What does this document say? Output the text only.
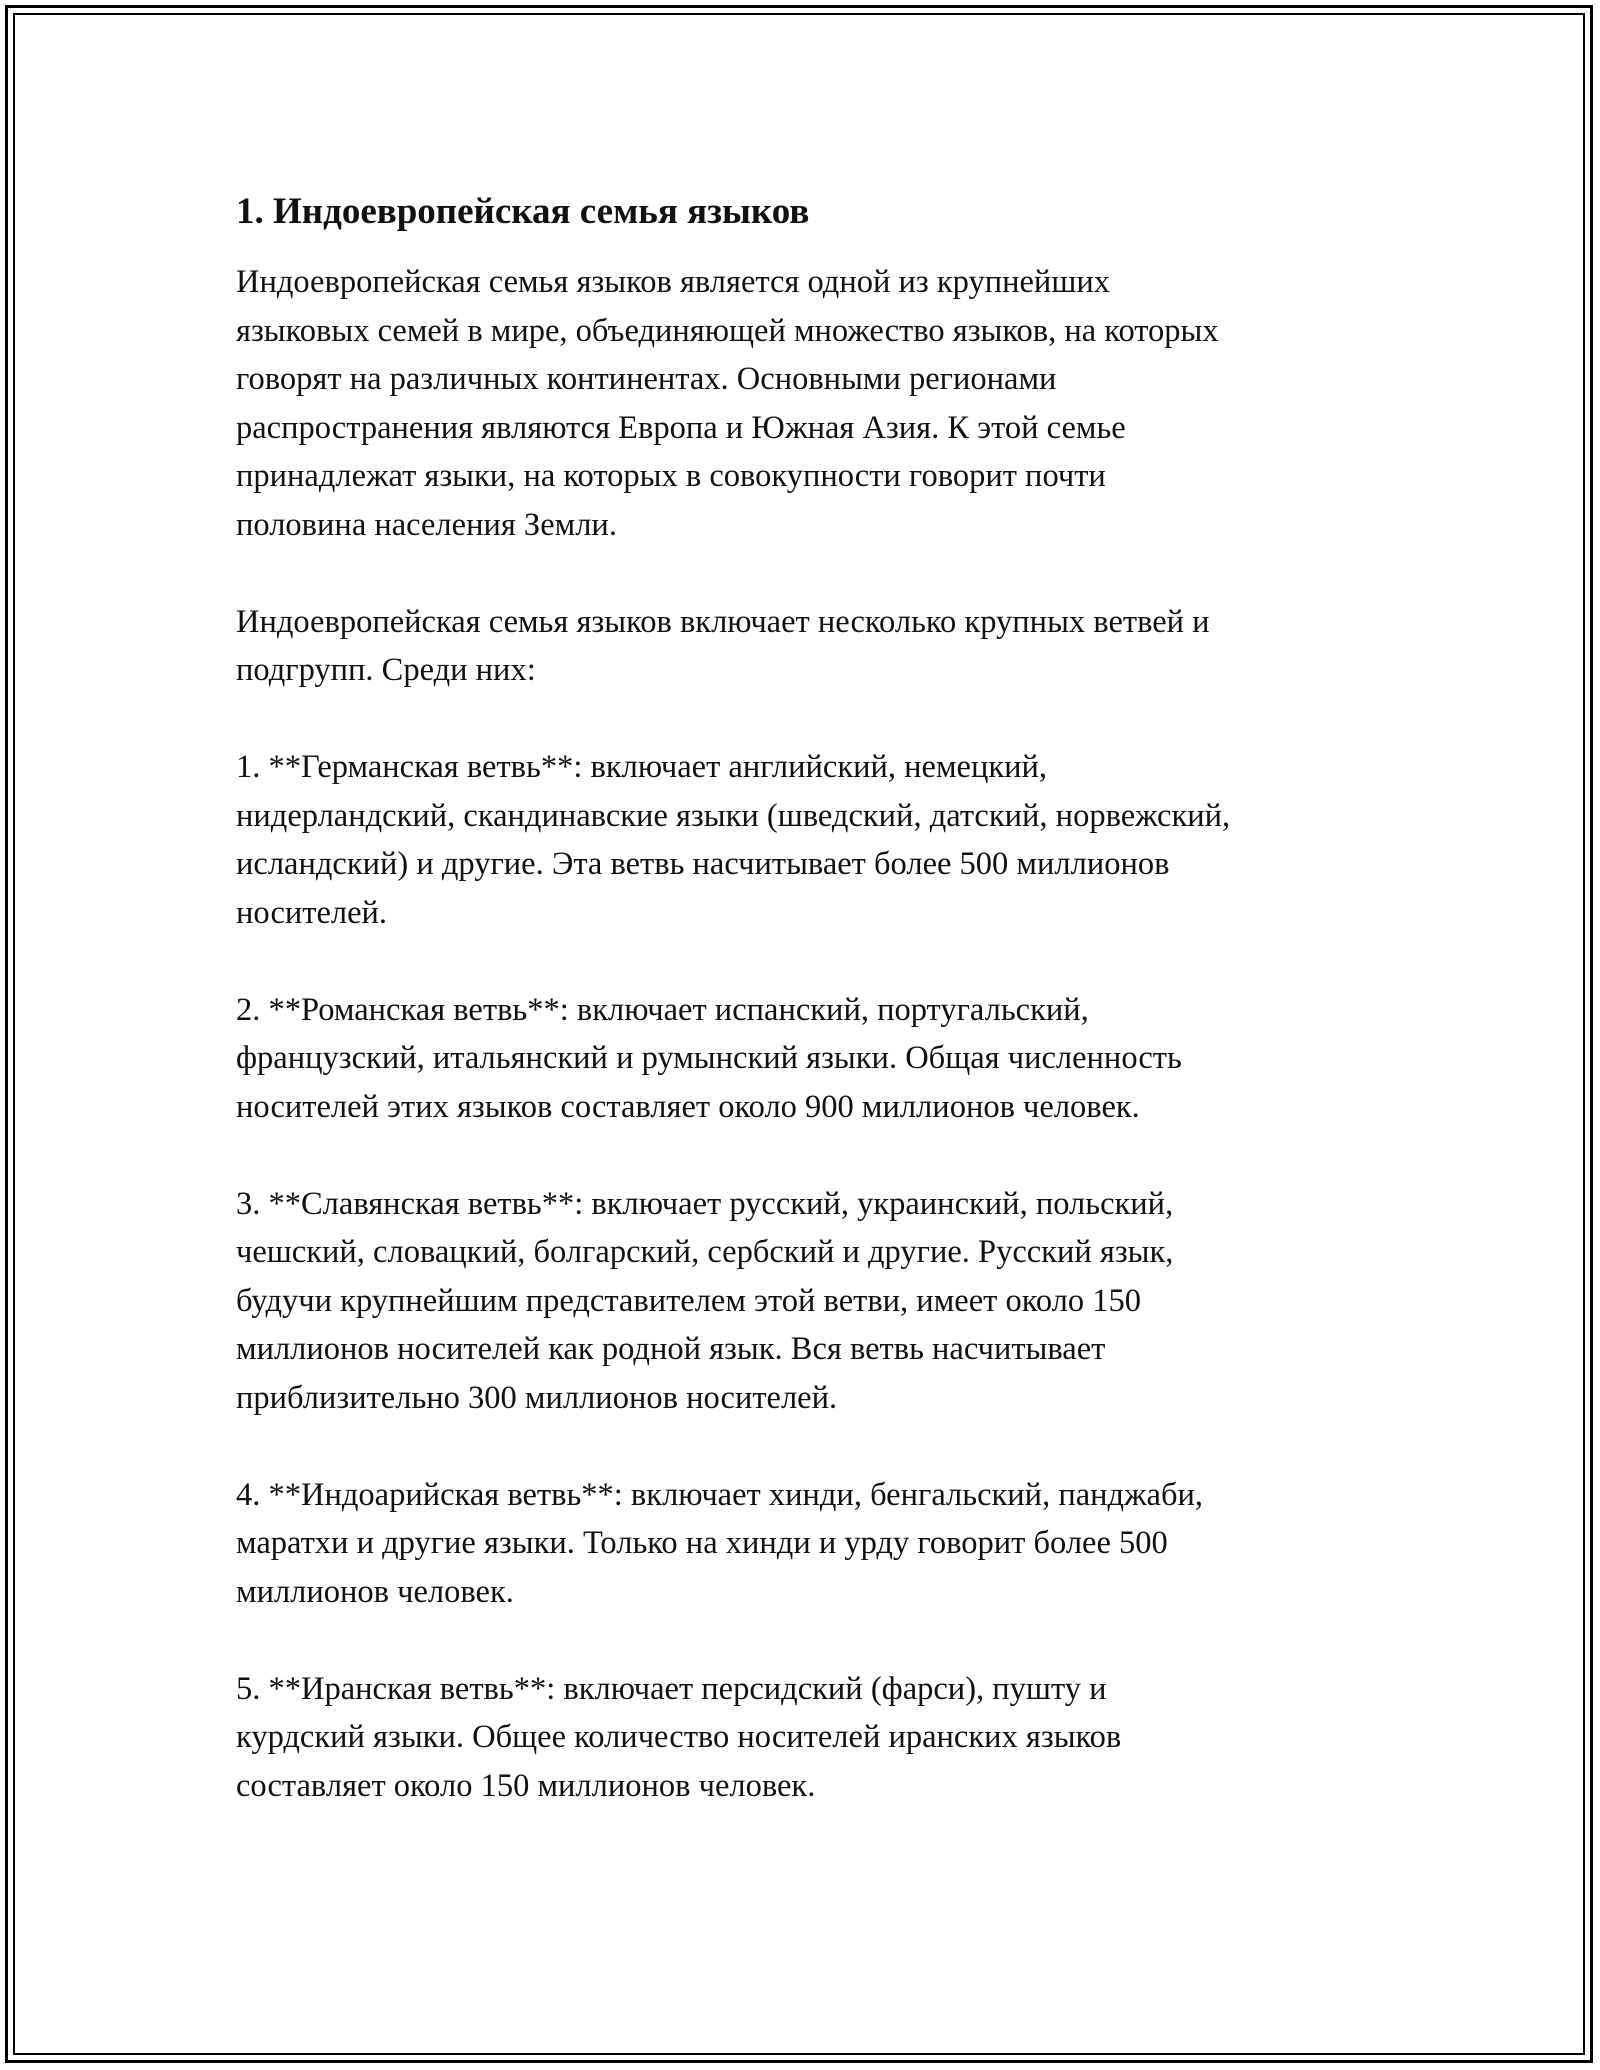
1. Индоевропейская семья языков
Индоевропейская семья языков является одной из крупнейших
языковых семей в мире, объединяющей множество языков, на которых
говорят на различных континентах. Основными регионами
распространения являются Европа и Южная Азия. К этой семье
принадлежат языки, на которых в совокупности говорит почти
половина населения Земли.
Индоевропейская семья языков включает несколько крупных ветвей и
подгрупп. Среди них:
1. **Германская ветвь**: включает английский, немецкий,
нидерландский, скандинавские языки (шведский, датский, норвежский,
исландский) и другие. Эта ветвь насчитывает более 500 миллионов
носителей.
2. **Романская ветвь**: включает испанский, португальский,
французский, итальянский и румынский языки. Общая численность
носителей этих языков составляет около 900 миллионов человек.
3. **Славянская ветвь**: включает русский, украинский, польский,
чешский, словацкий, болгарский, сербский и другие. Русский язык,
будучи крупнейшим представителем этой ветви, имеет около 150
миллионов носителей как родной язык. Вся ветвь насчитывает
приблизительно 300 миллионов носителей.
4. **Индоарийская ветвь**: включает хинди, бенгальский, панджаби,
маратхи и другие языки. Только на хинди и урду говорит более 500
миллионов человек.
5. **Иранская ветвь**: включает персидский (фарси), пушту и
курдский языки. Общее количество носителей иранских языков
составляет около 150 миллионов человек.
